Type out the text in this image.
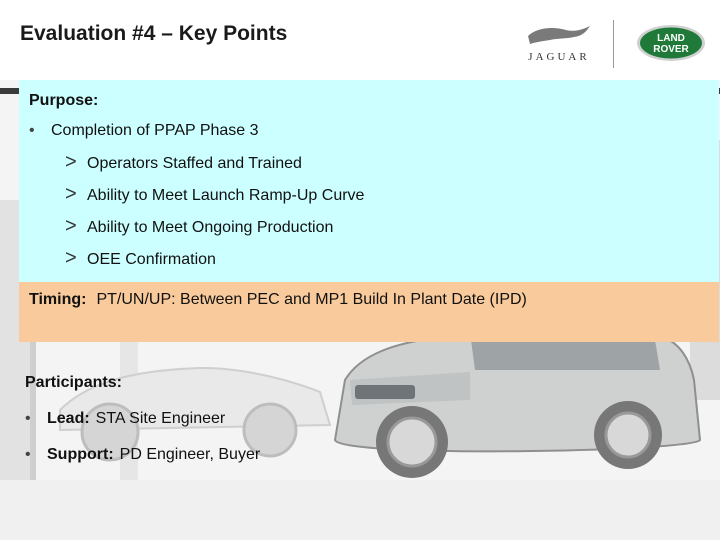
Evaluation #4 – Key Points
JAGUAR
LAND
ROVER
Purpose:
•	Completion of PPAP Phase 3
> Operators Staffed and Trained
> Ability to Meet Launch Ramp-Up Curve
> Ability to Meet Ongoing Production
> OEE Confirmation
Timing: PT/UN/UP: Between PEC and MP1 Build In Plant Date (IPD)
Participants:
•	Lead: STA Site Engineer
•	Support: PD Engineer, Buyer
